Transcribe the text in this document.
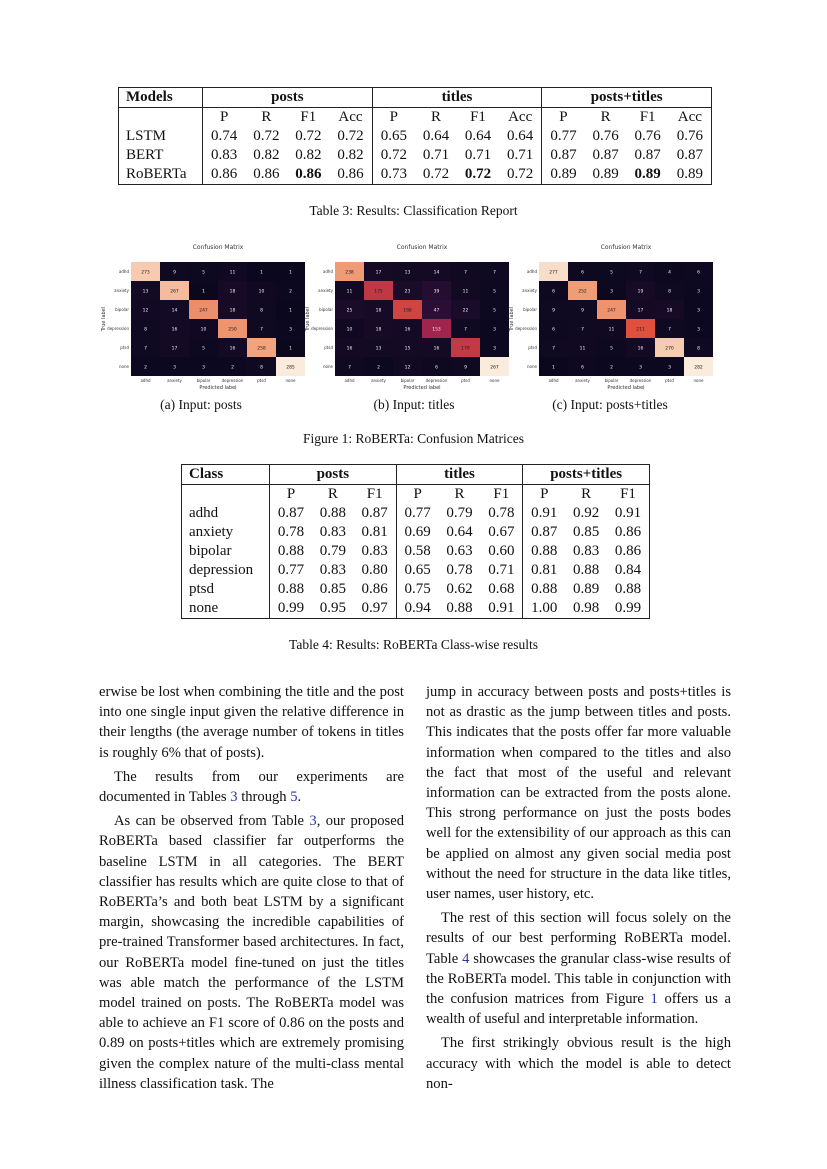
Models	posts				titles				posts+titles			
	P	R	F1	Acc	P	R	F1	Acc	P	R	F1	Acc
LSTM	0.74	0.72	0.72	0.72	0.65	0.64	0.64	0.64	0.77	0.76	0.76	0.76
BERT	0.83	0.82	0.82	0.82	0.72	0.71	0.71	0.71	0.87	0.87	0.87	0.87
RoBERTa	0.86	0.86	0.86	0.86	0.73	0.72	0.72	0.72	0.89	0.89	0.89	0.89
Table 3: Results: Classification Report
Confusion Matrix
273	9	5	11	1	1
13	267	1	18	10	2
12	14	247	18	8	1
8	16	10	250	7	3
7	17	5	16	258	1
2	3	3	2	8	285
adhd
adhd
anxiety
anxiety
bipolar
bipolar
depression
depression
ptsd
ptsd
none
none
Predicted label
True label
Confusion Matrix
238	17	13	14	7	7
11	175	23	39	11	5
25	18	188	47	22	5
10	18	16	153	7	3
16	13	15	16	178	3
7	2	12	6	9	267
adhd
adhd
anxiety
anxiety
bipolar
bipolar
depression
depression
ptsd
ptsd
none
none
Predicted label
True label
Confusion Matrix
277	6	5	7	4	6
6	252	3	19	8	3
9	9	247	17	18	3
6	7	11	211	7	3
7	11	5	16	270	8
1	6	2	3	3	282
adhd
adhd
anxiety
anxiety
bipolar
bipolar
depression
depression
ptsd
ptsd
none
none
Predicted label
True label
(a) Input: posts	(b) Input: titles	(c) Input: posts+titles
Figure 1: RoBERTa: Confusion Matrices
Class	posts			titles			posts+titles		
	P	R	F1	P	R	F1	P	R	F1
adhd	0.87	0.88	0.87	0.77	0.79	0.78	0.91	0.92	0.91
anxiety	0.78	0.83	0.81	0.69	0.64	0.67	0.87	0.85	0.86
bipolar	0.88	0.79	0.83	0.58	0.63	0.60	0.88	0.83	0.86
depression	0.77	0.83	0.80	0.65	0.78	0.71	0.81	0.88	0.84
ptsd	0.88	0.85	0.86	0.75	0.62	0.68	0.88	0.89	0.88
none	0.99	0.95	0.97	0.94	0.88	0.91	1.00	0.98	0.99
Table 4: Results: RoBERTa Class-wise results

erwise be lost when combining the title and the post into one single input given the relative difference in their lengths (the average number of tokens in titles is roughly 6% that of posts).

The results from our experiments are documented in Tables 3 through 5.

As can be observed from Table 3, our proposed RoBERTa based classifier far outperforms the baseline LSTM in all categories. The BERT classifier has results which are quite close to that of RoBERTa’s and both beat LSTM by a significant margin, showcasing the incredible capabilities of pre-trained Transformer based architectures. In fact, our RoBERTa model fine-tuned on just the titles was able match the performance of the LSTM model trained on posts. The RoBERTa model was able to achieve an F1 score of 0.86 on the posts and 0.89 on posts+titles which are extremely promising given the complex nature of the multi-class mental illness classification task. The

jump in accuracy between posts and posts+titles is not as drastic as the jump between titles and posts. This indicates that the posts offer far more valuable information when compared to the titles and also the fact that most of the useful and relevant information can be extracted from the posts alone. This strong performance on just the posts bodes well for the extensibility of our approach as this can be applied on almost any given social media post without the need for structure in the data like titles, user names, user history, etc.

The rest of this section will focus solely on the results of our best performing RoBERTa model. Table 4 showcases the granular class-wise results of the RoBERTa model. This table in conjunction with the confusion matrices from Figure 1 offers us a wealth of useful and interpretable information.

The first strikingly obvious result is the high accuracy with which the model is able to detect non-
